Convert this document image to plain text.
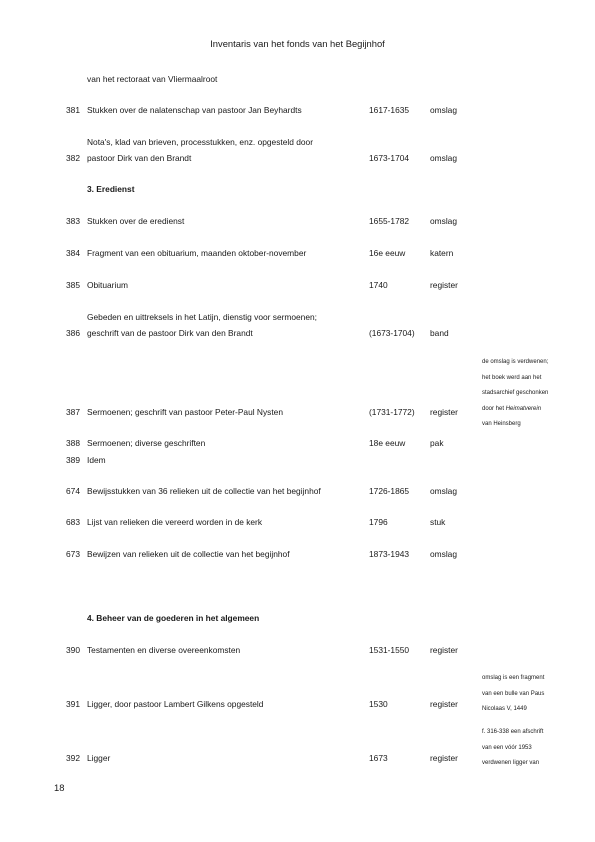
Inventaris van het fonds van het Begijnhof
van het rectoraat van Vliermaalroot
381 Stukken over de nalatenschap van pastoor Jan Beyhardts	1617-1635 omslag
Nota's, klad van brieven, processtukken, enz. opgesteld door
382 pastoor Dirk van den Brandt	1673-1704 omslag
3. Eredienst
383 Stukken over de eredienst	1655-1782 omslag
384 Fragment van een obituarium, maanden oktober-november	16e eeuw	katern
385 Obituarium	1740	register
Gebeden en uittreksels in het Latijn, dienstig voor sermoenen;
386 geschrift van de pastoor Dirk van den Brandt	(1673-1704) band
de omslag is verdwenen;
het boek werd aan het
stadsarchief geschonken
door het Heimatverein
van Heinsberg
387 Sermoenen; geschrift van pastoor Peter-Paul Nysten	(1731-1772) register
388 Sermoenen; diverse geschriften	18e eeuw	pak
389 Idem
674 Bewijsstukken van 36 relieken uit de collectie van het begijnhof	1726-1865 omslag
683 Lijst van relieken die vereerd worden in de kerk	1796	stuk
673 Bewijzen van relieken uit de collectie van het begijnhof	1873-1943 omslag
4. Beheer van de goederen in het algemeen
390 Testamenten en diverse overeenkomsten	1531-1550 register
omslag is een fragment
van een bulle van Paus
Nicolaas V, 1449
391 Ligger, door pastoor Lambert Gilkens opgesteld	1530	register
f. 316-338 een afschrift
van een vóór 1953
verdwenen ligger van
392 Ligger	1673	register
18
